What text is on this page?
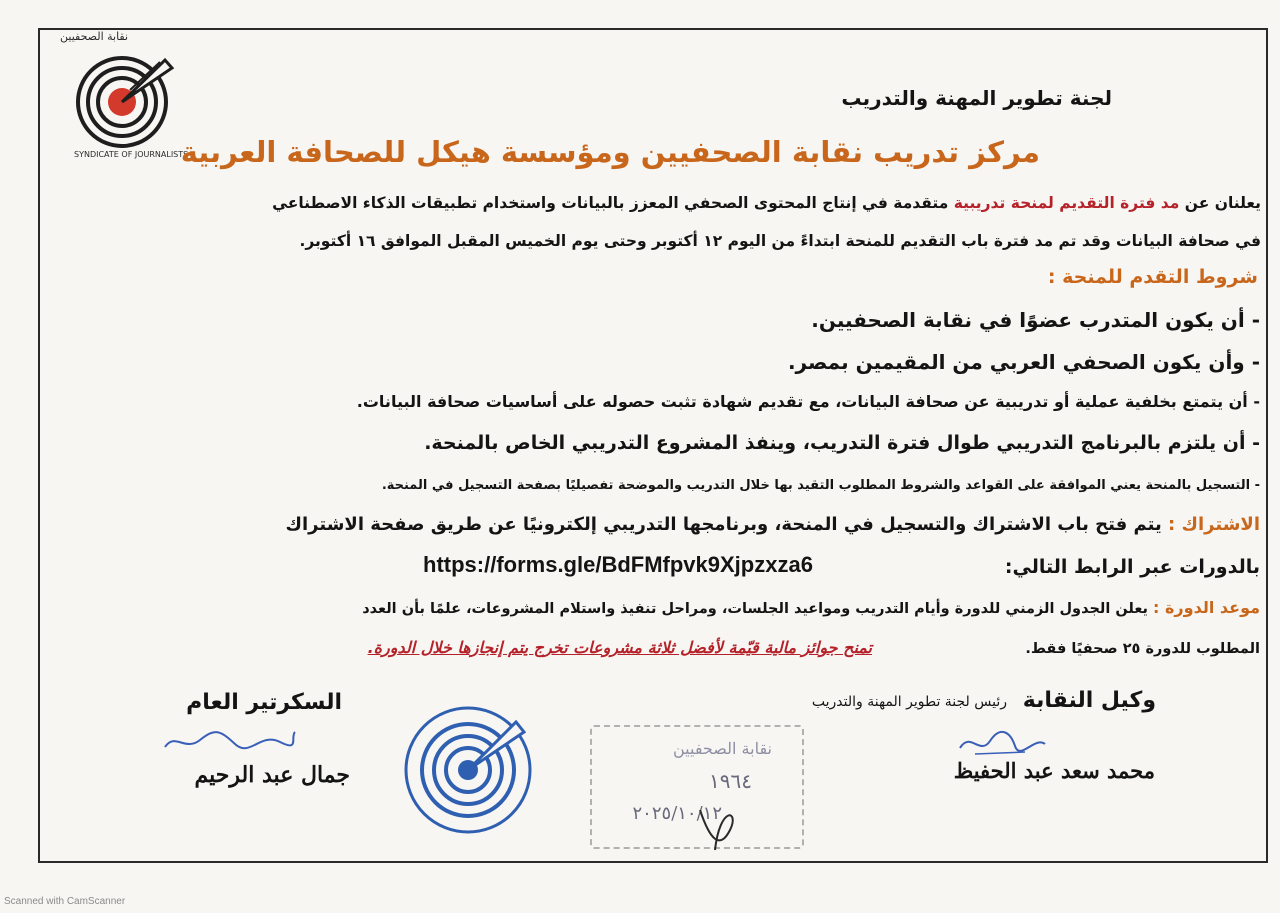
نقابة الصحفيين
SYNDICATE OF JOURNALISTS
لجنة تطوير المهنة والتدريب
مركز تدريب نقابة الصحفيين ومؤسسة هيكل للصحافة العربية
يعلنان عن مد فترة التقديم لمنحة تدريبية متقدمة في إنتاج المحتوى الصحفي المعزز بالبيانات واستخدام تطبيقات الذكاء الاصطناعي
في صحافة البيانات وقد تم مد فترة باب التقديم للمنحة ابتداءً من اليوم ١٢ أكتوبر وحتى يوم الخميس المقبل الموافق ١٦ أكتوبر.
شروط التقدم للمنحة :
- أن يكون المتدرب عضوًا في نقابة الصحفيين.
- وأن يكون الصحفي العربي من المقيمين بمصر.
- أن يتمتع بخلفية عملية أو تدريبية عن صحافة البيانات، مع تقديم شهادة تثبت حصوله على أساسيات صحافة البيانات.
- أن يلتزم بالبرنامج التدريبي طوال فترة التدريب، وينفذ المشروع التدريبي الخاص بالمنحة.
- التسجيل بالمنحة يعني الموافقة على القواعد والشروط المطلوب التقيد بها خلال التدريب والموضحة تفصيليًا بصفحة التسجيل في المنحة.
الاشتراك : يتم فتح باب الاشتراك والتسجيل في المنحة، وبرنامجها التدريبي إلكترونيًا عن طريق صفحة الاشتراك
بالدورات عبر الرابط التالي:
https://forms.gle/BdFMfpvk9Xjpzxza6
موعد الدورة : يعلن الجدول الزمني للدورة وأيام التدريب ومواعيد الجلسات، ومراحل تنفيذ واستلام المشروعات، علمًا بأن العدد
المطلوب للدورة ٢٥ صحفيًا فقط.
تمنح جوائز مالية قيّمة لأفضل ثلاثة مشروعات تخرج يتم إنجازها خلال الدورة.
وكيل النقابة
رئيس لجنة تطوير المهنة والتدريب
محمد سعد عبد الحفيظ
نقابة الصحفيين
١٩٦٤
٢٠٢٥/١٠/١٢
السكرتير العام
جمال عبد الرحيم
Scanned with CamScanner
